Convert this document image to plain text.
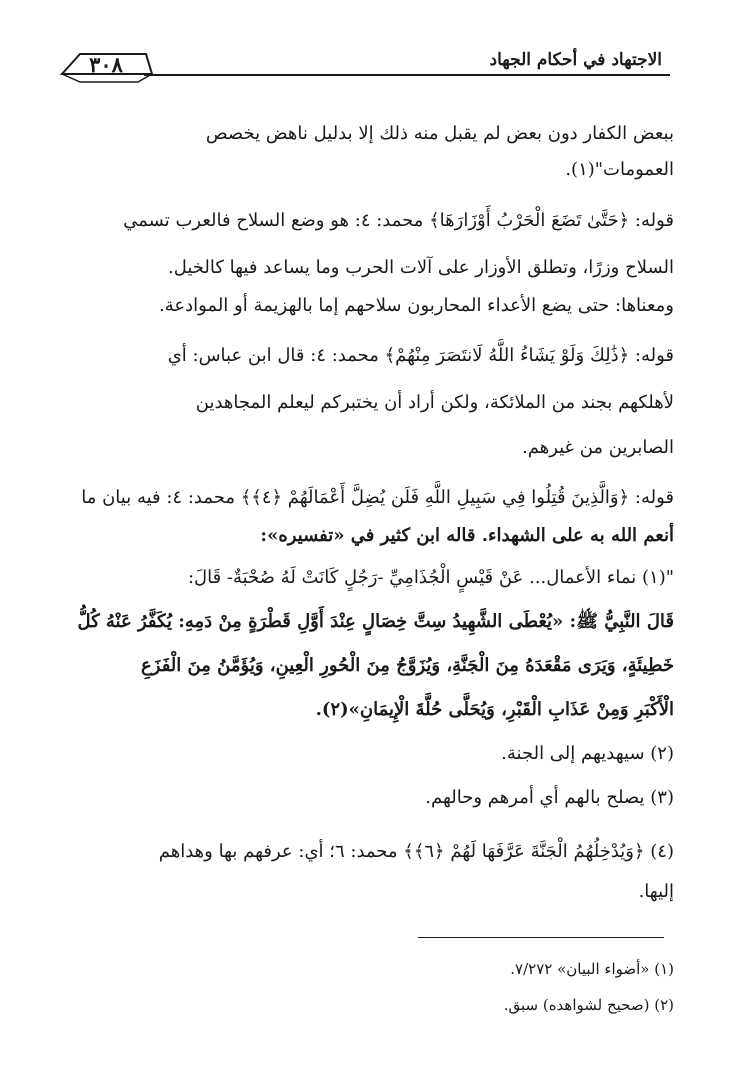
الاجتهاد في أحكام الجهاد
٣٠٨
ببعض الكفار دون بعض لم يقبل منه ذلك إلا بدليل ناهض يخصص
العمومات"(١).
قوله: ﴿حَتَّىٰ تَضَعَ الْحَرْبُ أَوْزَارَهَا﴾ محمد: ٤: هو وضع السلاح فالعرب تسمي
السلاح وزرًا، وتطلق الأوزار على آلات الحرب وما يساعد فيها كالخيل.
ومعناها: حتى يضع الأعداء المحاربون سلاحهم إما بالهزيمة أو الموادعة.
قوله: ﴿ذَٰلِكَ وَلَوْ يَشَاءُ اللَّهُ لَانتَصَرَ مِنْهُمْ﴾ محمد: ٤: قال ابن عباس: أي
لأهلكهم بجند من الملائكة، ولكن أراد أن يختبركم ليعلم المجاهدين
الصابرين من غيرهم.
قوله: ﴿وَالَّذِينَ قُتِلُوا فِي سَبِيلِ اللَّهِ فَلَن يُضِلَّ أَعْمَالَهُمْ ﴿٤﴾﴾ محمد: ٤: فيه بيان ما
أنعم الله به على الشهداء. قاله ابن كثير في «تفسيره»:
"(١) نماء الأعمال... عَنْ قَيْسٍ الْجُذَامِيِّ -رَجُلٍ كَانَتْ لَهُ صُحْبَةٌ- قَالَ:
قَالَ النَّبِيُّ ﷺ: «يُعْطَى الشَّهِيدُ سِتَّ خِصَالٍ عِنْدَ أَوَّلِ قَطْرَةٍ مِنْ دَمِهِ: يُكَفَّرُ عَنْهُ كُلُّ
خَطِيئَةٍ، وَيَرَى مَقْعَدَهُ مِنَ الْجَنَّةِ، وَيُزَوَّجُ مِنَ الْحُورِ الْعِينِ، وَيُؤَمَّنُ مِنَ الْفَزَعِ
الْأَكْبَرِ وَمِنْ عَذَابِ الْقَبْرِ، وَيُحَلَّى حُلَّةَ الْإِيمَانِ»(٢).
(٢) سيهديهم إلى الجنة.
(٣) يصلح بالهم أي أمرهم وحالهم.
(٤) ﴿وَيُدْخِلُهُمُ الْجَنَّةَ عَرَّفَهَا لَهُمْ ﴿٦﴾﴾ محمد: ٦؛ أي: عرفهم بها وهداهم
إليها.
(١) «أضواء البيان» ٧/٢٧٢.
(٢) (صحيح لشواهده) سبق.
